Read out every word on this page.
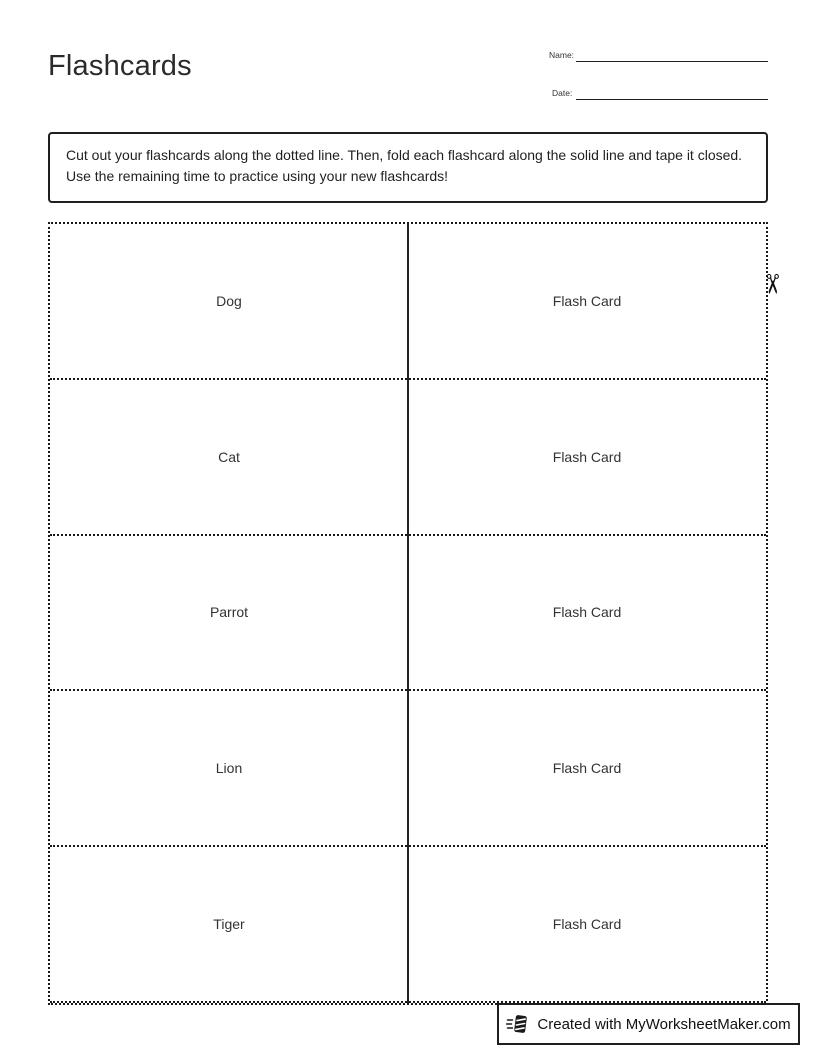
Flashcards	Name:
Date:

Cut out your flashcards along the dotted line. Then, fold each flashcard along the solid line and tape it closed. Use the remaining time to practice using your new flashcards!

Dog	Flash Card
Cat	Flash Card
Parrot	Flash Card
Lion	Flash Card
Tiger	Flash Card
✂
Created with MyWorksheetMaker.com
